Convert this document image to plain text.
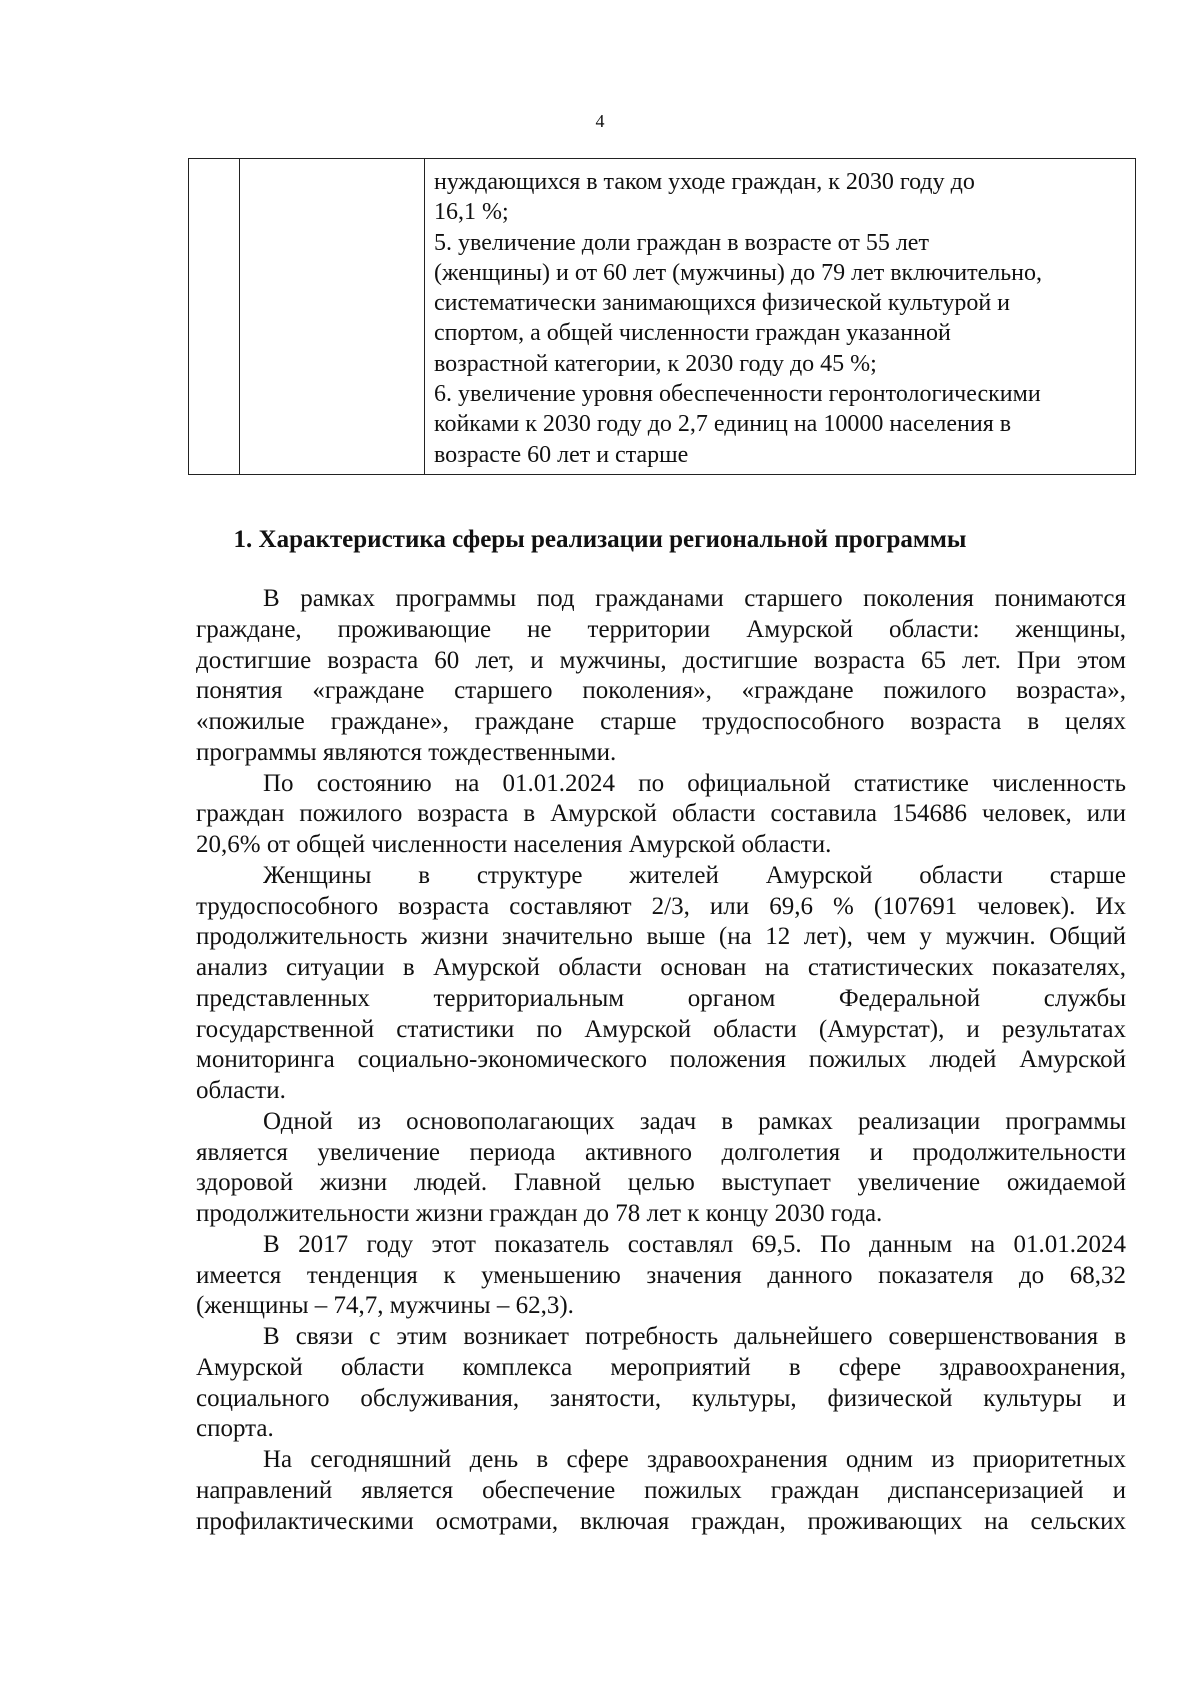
4

нуждающихся в таком уходе граждан, к 2030 году до
16,1 %;
5. увеличение доли граждан в возрасте от 55 лет
(женщины) и от 60 лет (мужчины) до 79 лет включительно,
систематически занимающихся физической культурой и
спортом, а общей численности граждан указанной
возрастной категории, к 2030 году до 45 %;
6. увеличение уровня обеспеченности геронтологическими
койками к 2030 году до 2,7 единиц на 10000 населения в
возрасте 60 лет и старше
1. Характеристика сферы реализации региональной программы
В рамках программы под гражданами старшего поколения понимаются
граждане, проживающие не территории Амурской области: женщины,
достигшие возраста 60 лет, и мужчины, достигшие возраста 65 лет. При этом
понятия «граждане старшего поколения», «граждане пожилого возраста»,
«пожилые граждане», граждане старше трудоспособного возраста в целях
программы являются тождественными.
По состоянию на 01.01.2024 по официальной статистике численность
граждан пожилого возраста в Амурской области составила 154686 человек, или
20,6% от общей численности населения Амурской области.
Женщины в структуре жителей Амурской области старше
трудоспособного возраста составляют 2/3, или 69,6 % (107691 человек). Их
продолжительность жизни значительно выше (на 12 лет), чем у мужчин. Общий
анализ ситуации в Амурской области основан на статистических показателях,
представленных территориальным органом Федеральной службы
государственной статистики по Амурской области (Амурстат), и результатах
мониторинга социально-экономического положения пожилых людей Амурской
области.
Одной из основополагающих задач в рамках реализации программы
является увеличение периода активного долголетия и продолжительности
здоровой жизни людей. Главной целью выступает увеличение ожидаемой
продолжительности жизни граждан до 78 лет к концу 2030 года.
В 2017 году этот показатель составлял 69,5. По данным на 01.01.2024
имеется тенденция к уменьшению значения данного показателя до 68,32
(женщины – 74,7, мужчины – 62,3).
В связи с этим возникает потребность дальнейшего совершенствования в
Амурской области комплекса мероприятий в сфере здравоохранения,
социального обслуживания, занятости, культуры, физической культуры и
спорта.
На сегодняшний день в сфере здравоохранения одним из приоритетных
направлений является обеспечение пожилых граждан диспансеризацией и
профилактическими осмотрами, включая граждан, проживающих на сельских
